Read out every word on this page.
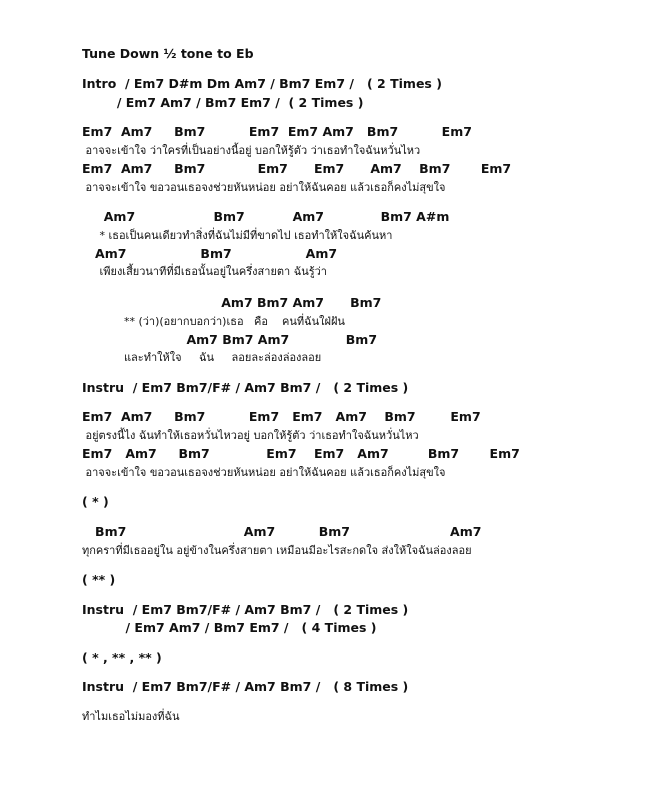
Tune Down ½ tone to Eb
Intro  / Em7 D#m Dm Am7 / Bm7 Em7 /   ( 2 Times )
/ Em7 Am7 / Bm7 Em7 /  ( 2 Times )
Em7  Am7     Bm7          Em7  Em7 Am7   Bm7          Em7
อาจจะเข้าใจ ว่าใครที่เป็นอย่างนี้อยู่ บอกให้รู้ตัว ว่าเธอทำใจฉันหวั่นไหว
Em7  Am7     Bm7            Em7      Em7      Am7    Bm7       Em7
อาจจะเข้าใจ ขอวอนเธอจงช่วยหันหน่อย อย่าให้ฉันคอย แล้วเธอก็คงไม่สุขใจ
Am7                  Bm7           Am7             Bm7 A#m
* เธอเป็นคนเดียวทำสิ่งที่ฉันไม่มีที่ขาดไป เธอทำให้ใจฉันค้นหา
Am7                 Bm7                 Am7
เพียงเสี้ยวนาทีที่มีเธอนั้นอยู่ในครึ่งสายตา ฉันรู้ว่า
Am7 Bm7 Am7      Bm7
** (ว่า)(อยากบอกว่า)เธอ   คือ    คนที่ฉันใฝ่ฝัน
Am7 Bm7 Am7             Bm7
และทำให้ใจ     ฉัน     ลอยละล่องล่องลอย
Instru  / Em7 Bm7/F# / Am7 Bm7 /   ( 2 Times )
Em7  Am7     Bm7          Em7   Em7   Am7    Bm7        Em7
อยู่ตรงนี้ไง ฉันทำให้เธอหวั่นไหวอยู่ บอกให้รู้ตัว ว่าเธอทำใจฉันหวั่นไหว
Em7   Am7     Bm7             Em7    Em7   Am7         Bm7       Em7
อาจจะเข้าใจ ขอวอนเธอจงช่วยหันหน่อย อย่าให้ฉันคอย แล้วเธอก็คงไม่สุขใจ
( * )
Bm7                           Am7          Bm7                       Am7
ทุกคราที่มีเธออยู่ใน อยู่ข้างในครึ่งสายตา เหมือนมีอะไรสะกดใจ ส่งให้ใจฉันล่องลอย
( ** )
Instru  / Em7 Bm7/F# / Am7 Bm7 /   ( 2 Times )
/ Em7 Am7 / Bm7 Em7 /   ( 4 Times )
( * , ** , ** )
Instru  / Em7 Bm7/F# / Am7 Bm7 /   ( 8 Times )
ทำไมเธอไม่มองที่ฉัน
